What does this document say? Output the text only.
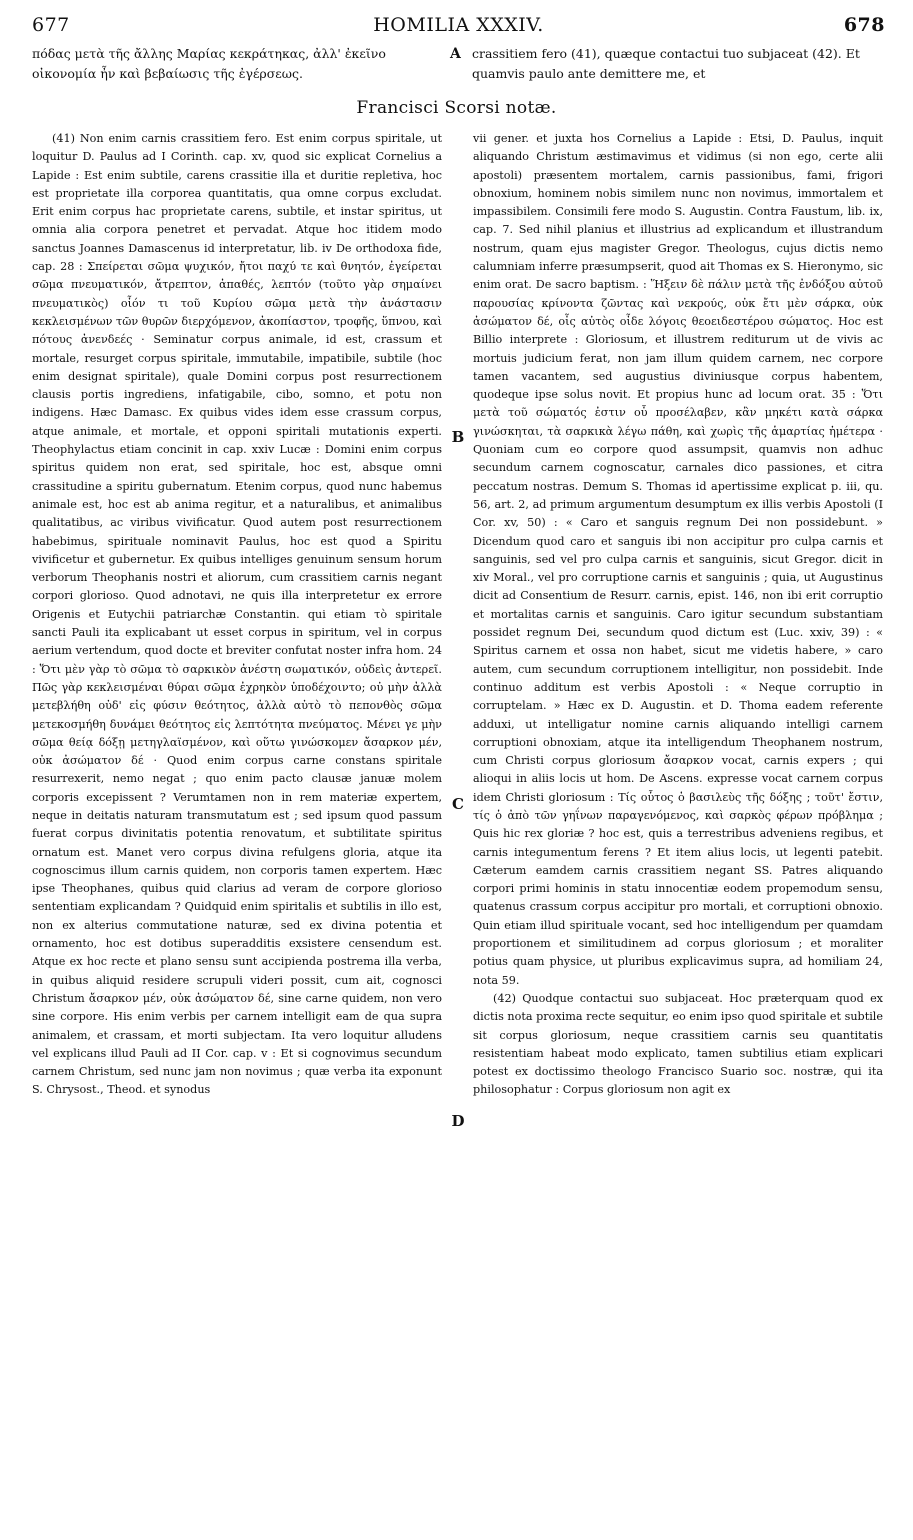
677	HOMILIA XXXIV.	678
πόδας μετὰ τῆς ἄλλης Μαρίας κεκράτηκας, ἀλλ' ἐκεῖνο οἰκονομία ἦν καὶ βεβαίωσις τῆς ἐγέρσεως.
A crassitiem fero (41), quæque contactui tuo subjaceat (42). Et quamvis paulo ante demittere me, et
Francisci Scorsi notæ.

(41) Non enim carnis crassitiem fero. Est enim corpus spiritale, ut loquitur D. Paulus ad I Corinth. cap. xv, quod sic explicat Cornelius a Lapide : Est enim subtile, carens crassitie illa et duritie repletiva, hoc est proprietate illa corporea quantitatis, qua omne corpus excludat. Erit enim corpus hac proprietate carens, subtile, et instar spiritus, ut omnia alia corpora penetret et pervadat. Atque hoc itidem modo sanctus Joannes Damascenus id interpretatur, lib. iv De orthodoxa fide, cap. 28 : Σπείρεται σῶμα ψυχικόν, ἤτοι παχύ τε καὶ θνητόν, ἐγείρεται σῶμα πνευματικόν, ἄτρεπτον, ἀπαθές, λεπτόν (τοῦτο γὰρ σημαίνει πνευματικὸς) οἷόν τι τοῦ Κυρίου σῶμα μετὰ τὴν ἀνάστασιν κεκλεισμένων τῶν θυρῶν διερχόμενον, ἀκοπίαστον, τροφῆς, ὕπνου, καὶ πότους ἀνενδεές · Seminatur corpus animale, id est, crassum et mortale, resurget corpus spiritale, immutabile, impatibile, subtile (hoc enim designat spiritale), quale Domini corpus post resurrectionem clausis portis ingrediens, infatigabile, cibo, somno, et potu non indigens. Hæc Damasc. Ex quibus vides idem esse crassum corpus, atque animale, et mortale, et opponi spiritali mutationis experti. Theophylactus etiam concinit in cap. xxiv Lucæ : Domini enim corpus spiritus quidem non erat, sed spiritale, hoc est, absque omni crassitudine a spiritu gubernatum. Etenim corpus, quod nunc habemus animale est, hoc est ab anima regitur, et a naturalibus, et animalibus qualitatibus, ac viribus vivificatur. Quod autem post resurrectionem habebimus, spirituale nominavit Paulus, hoc est quod a Spiritu vivificetur et gubernetur. Ex quibus intelliges genuinum sensum horum verborum Theophanis nostri et aliorum, cum crassitiem carnis negant corpori glorioso. Quod adnotavi, ne quis illa interpretetur ex errore Origenis et Eutychii patriarchæ Constantin. qui etiam τὸ spiritale sancti Pauli ita explicabant ut esset corpus in spiritum, vel in corpus aerium vertendum, quod docte et breviter confutat noster infra hom. 24 : Ὅτι μὲν γὰρ τὸ σῶμα τὸ σαρκικὸν ἀνέστη σωματικόν, οὐδεὶς ἀντερεῖ. Πῶς γὰρ κεκλεισμέναι θύραι σῶμα ἐχρηκὸν ὑποδέχοιντο; οὐ μὴν ἀλλὰ μετεβλήθη οὐδ' εἰς φύσιν θεότητος, ἀλλὰ αὐτὸ τὸ πεπονθὸς σῶμα μετεκοσμήθη δυνάμει θεότητος εἰς λεπτότητα πνεύματος. Μένει γε μὴν σῶμα θείᾳ δόξῃ μετηγλαϊσμένον, καὶ οὕτω γινώσκομεν ἄσαρκον μέν, οὐκ ἀσώματον δέ · Quod enim corpus carne constans spiritale resurrexerit, nemo negat ; quo enim pacto clausæ januæ molem corporis excepissent ? Verumtamen non in rem materiæ expertem, neque in deitatis naturam transmutatum est ; sed ipsum quod passum fuerat corpus divinitatis potentia renovatum, et subtilitate spiritus ornatum est. Manet vero corpus divina refulgens gloria, atque ita cognoscimus illum carnis quidem, non corporis tamen expertem. Hæc ipse Theophanes, quibus quid clarius ad veram de corpore glorioso sententiam explicandam ? Quidquid enim spiritalis et subtilis in illo est, non ex alterius commutatione naturæ, sed ex divina potentia et ornamento, hoc est dotibus superadditis exsistere censendum est. Atque ex hoc recte et plano sensu sunt accipienda postrema illa verba, in quibus aliquid residere scrupuli videri possit, cum ait, cognosci Christum ἄσαρκον μέν, οὐκ ἀσώματον δέ, sine carne quidem, non vero sine corpore. His enim verbis per carnem intelligit eam de qua supra animalem, et crassam, et morti subjectam. Ita vero loquitur alludens vel explicans illud Pauli ad II Cor. cap. v : Et si cognovimus secundum carnem Christum, sed nunc jam non novimus ; quæ verba ita exponunt S. Chrysost., Theod. et synodus

B
C
D

vii gener. et juxta hos Cornelius a Lapide : Etsi, D. Paulus, inquit aliquando Christum æstimavimus et vidimus (si non ego, certe alii apostoli) præsentem mortalem, carnis passionibus, fami, frigori obnoxium, hominem nobis similem nunc non novimus, immortalem et impassibilem. Consimili fere modo S. Augustin. Contra Faustum, lib. ix, cap. 7. Sed nihil planius et illustrius ad explicandum et illustrandum nostrum, quam ejus magister Gregor. Theologus, cujus dictis nemo calumniam inferre præsumpserit, quod ait Thomas ex S. Hieronymo, sic enim orat. De sacro baptism. : Ἥξειν δὲ πάλιν μετὰ τῆς ἐνδόξου αὐτοῦ παρουσίας κρίνοντα ζῶντας καὶ νεκρούς, οὐκ ἔτι μὲν σάρκα, οὐκ ἀσώματον δέ, οἷς αὐτὸς οἶδε λόγοις θεοειδεστέρου σώματος. Hoc est Billio interprete : Gloriosum, et illustrem rediturum ut de vivis ac mortuis judicium ferat, non jam illum quidem carnem, nec corpore tamen vacantem, sed augustius diviniusque corpus habentem, quodeque ipse solus novit. Et propius hunc ad locum orat. 35 : Ὅτι μετὰ τοῦ σώματός ἐστιν οὗ προσέλαβεν, κἂν μηκέτι κατὰ σάρκα γινώσκηται, τὰ σαρκικὰ λέγω πάθη, καὶ χωρὶς τῆς ἁμαρτίας ἡμέτερα · Quoniam cum eo corpore quod assumpsit, quamvis non adhuc secundum carnem cognoscatur, carnales dico passiones, et citra peccatum nostras. Demum S. Thomas id apertissime explicat p. iii, qu. 56, art. 2, ad primum argumentum desumptum ex illis verbis Apostoli (I Cor. xv, 50) : « Caro et sanguis regnum Dei non possidebunt. » Dicendum quod caro et sanguis ibi non accipitur pro culpa carnis et sanguinis, sed vel pro culpa carnis et sanguinis, sicut Gregor. dicit in xiv Moral., vel pro corruptione carnis et sanguinis ; quia, ut Augustinus dicit ad Consentium de Resurr. carnis, epist. 146, non ibi erit corruptio et mortalitas carnis et sanguinis. Caro igitur secundum substantiam possidet regnum Dei, secundum quod dictum est (Luc. xxiv, 39) : « Spiritus carnem et ossa non habet, sicut me videtis habere, » caro autem, cum secundum corruptionem intelligitur, non possidebit. Inde continuo additum est verbis Apostoli : « Neque corruptio in corruptelam. » Hæc ex D. Augustin. et D. Thoma eadem referente adduxi, ut intelligatur nomine carnis aliquando intelligi carnem corruptioni obnoxiam, atque ita intelligendum Theophanem nostrum, cum Christi corpus gloriosum ἄσαρκον vocat, carnis expers ; qui alioqui in aliis locis ut hom. De Ascens. expresse vocat carnem corpus idem Christi gloriosum : Τίς οὗτος ὁ βασιλεὺς τῆς δόξης ; τοῦτ' ἔστιν, τίς ὁ ἀπὸ τῶν γηΐνων παραγενόμενος, καὶ σαρκὸς φέρων πρόβλημα ; Quis hic rex gloriæ ? hoc est, quis a terrestribus adveniens regibus, et carnis integumentum ferens ? Et item alius locis, ut legenti patebit. Cæterum eamdem carnis crassitiem negant SS. Patres aliquando corpori primi hominis in statu innocentiæ eodem propemodum sensu, quatenus crassum corpus accipitur pro mortali, et corruptioni obnoxio. Quin etiam illud spirituale vocant, sed hoc intelligendum per quamdam proportionem et similitudinem ad corpus gloriosum ; et moraliter potius quam physice, ut pluribus explicavimus supra, ad homiliam 24, nota 59.

(42) Quodque contactui suo subjaceat. Hoc præterquam quod ex dictis nota proxima recte sequitur, eo enim ipso quod spiritale et subtile sit corpus gloriosum, neque crassitiem carnis seu quantitatis resistentiam habeat modo explicato, tamen subtilius etiam explicari potest ex doctissimo theologo Francisco Suario soc. nostræ, qui ita philosophatur : Corpus gloriosum non agit ex
